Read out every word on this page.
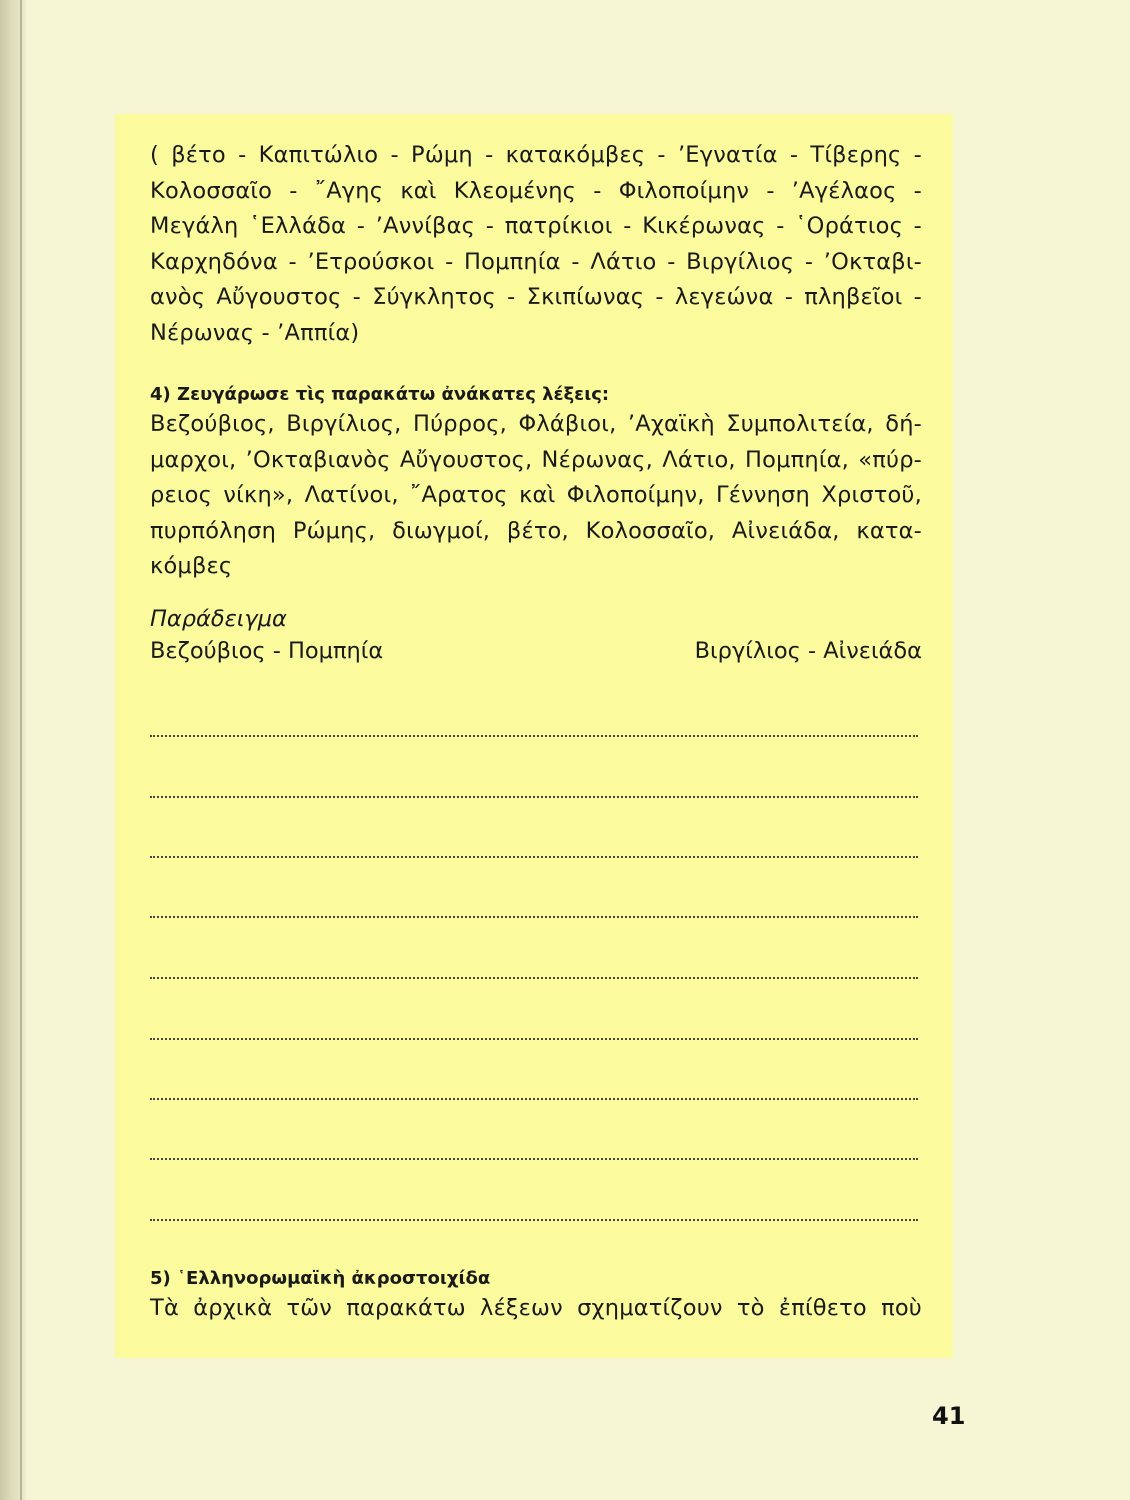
( βέτο - Καπιτώλιο - Ρώμη - κατακόμβες - ’Εγνατία - Τίβερης -

Κολοσσαῖο - ῎Αγης καὶ Κλεομένης - Φιλοποίμην - ’Αγέλαος -

Μεγάλη ῾Ελλάδα - ’Αννίβας - πατρίκιοι - Κικέρωνας - ῾Οράτιος -

Καρχηδόνα - ’Ετρούσκοι - Πομπηία - Λάτιο - Βιργίλιος - ’Οκταβι-

ανὸς Αὔγουστος - Σύγκλητος - Σκιπίωνας - λεγεώνα - πληβεῖοι -

Νέρωνας - ’Αππία)

4) Ζευγάρωσε τὶς παρακάτω ἀνάκατες λέξεις:

Βεζούβιος, Βιργίλιος, Πύρρος, Φλάβιοι, ’Αχαϊκὴ Συμπολιτεία, δή-

μαρχοι, ’Οκταβιανὸς Αὔγουστος, Νέρωνας, Λάτιο, Πομπηία, «πύρ-

ρειος νίκη», Λατίνοι, ῎Αρατος καὶ Φιλοποίμην, Γέννηση Χριστοῦ,

πυρπόληση Ρώμης, διωγμοί, βέτο, Κολοσσαῖο, Αἰνειάδα, κατα-

κόμβες

Παράδειγμα

Βεζούβιος - Πομπηία	Βιργίλιος - Αἰνειάδα
5) ῾Ελληνορωμαϊκὴ ἀκροστοιχίδα

Τὰ ἀρχικὰ τῶν παρακάτω λέξεων σχηματίζουν τὸ ἐπίθετο ποὺ

41
